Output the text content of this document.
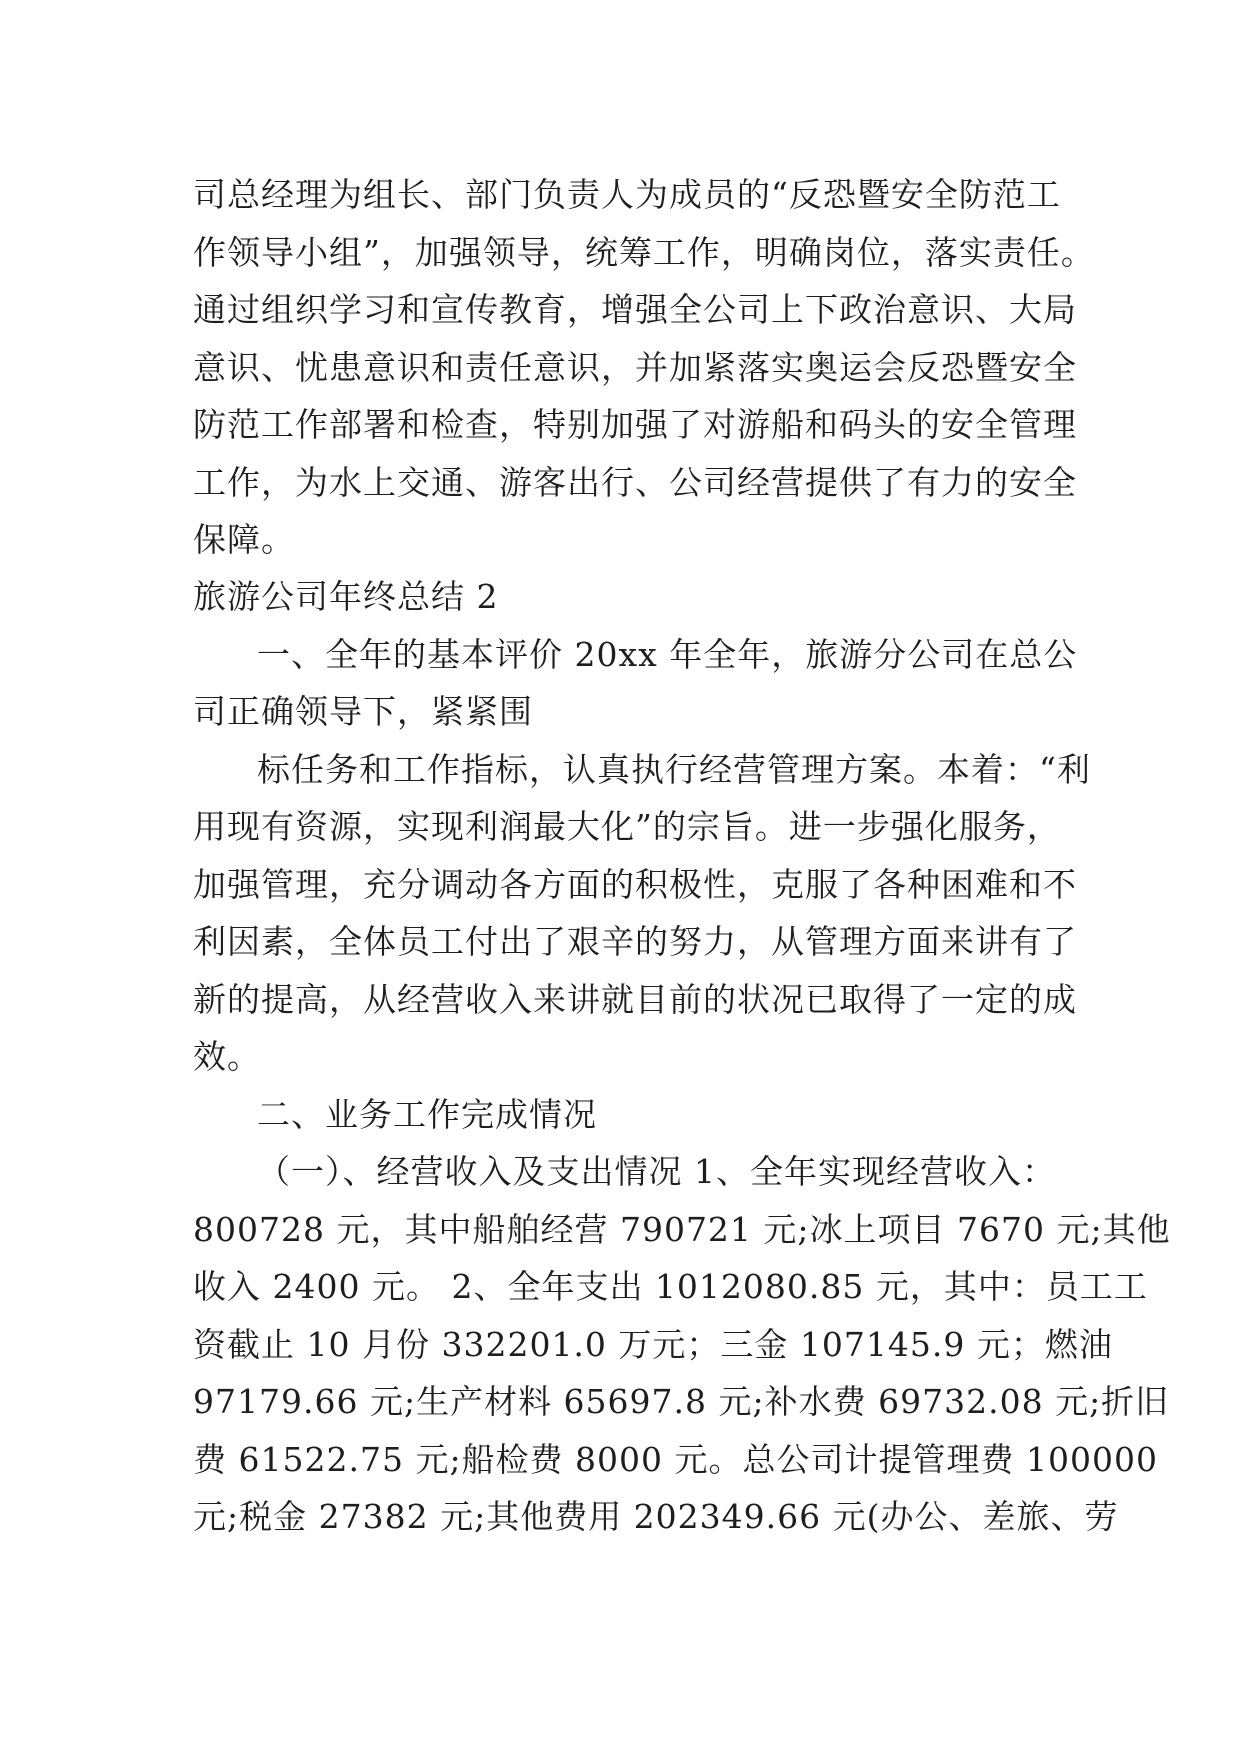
司总经理为组长、部门负责人为成员的“反恐暨安全防范工
作领导小组”，加强领导，统筹工作，明确岗位，落实责任。
通过组织学习和宣传教育，增强全公司上下政治意识、大局
意识、忧患意识和责任意识，并加紧落实奥运会反恐暨安全
防范工作部署和检查，特别加强了对游船和码头的安全管理
工作，为水上交通、游客出行、公司经营提供了有力的安全
保障。
旅游公司年终总结 2
一、全年的基本评价 20xx 年全年，旅游分公司在总公
司正确领导下，紧紧围
标任务和工作指标，认真执行经营管理方案。本着：“利
用现有资源，实现利润最大化”的宗旨。进一步强化服务，
加强管理，充分调动各方面的积极性，克服了各种困难和不
利因素，全体员工付出了艰辛的努力，从管理方面来讲有了
新的提高，从经营收入来讲就目前的状况已取得了一定的成
效。
二、业务工作完成情况
（一）、经营收入及支出情况 1、全年实现经营收入：
800728 元，其中船舶经营 790721 元;冰上项目 7670 元;其他
收入 2400 元。 2、全年支出 1012080.85 元，其中：员工工
资截止 10 月份 332201.0 万元；三金 107145.9 元；燃油
97179.66 元;生产材料 65697.8 元;补水费 69732.08 元;折旧
费 61522.75 元;船检费 8000 元。总公司计提管理费 100000
元;税金 27382 元;其他费用 202349.66 元(办公、差旅、劳
